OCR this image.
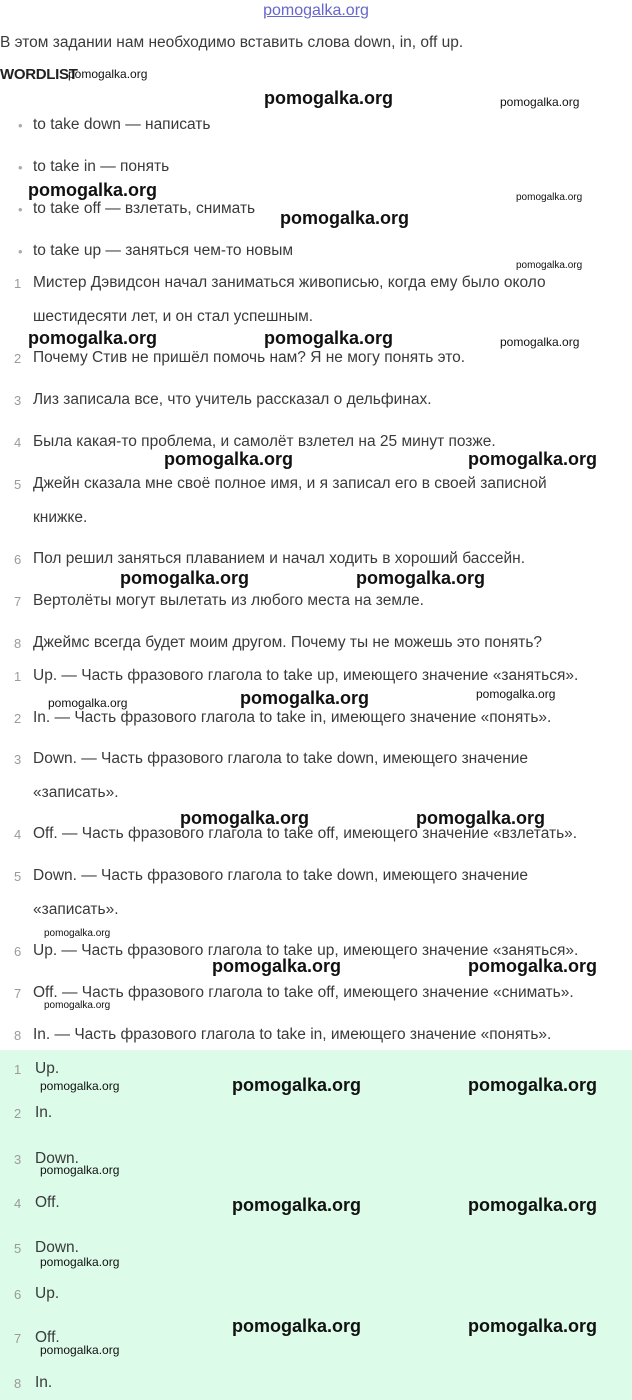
pomogalka.org
В этом задании нам необходимо вставить слова down, in, off up.
WORDLIST
• to take down — написать
• to take in — понять
• to take off — взлетать, снимать
• to take up — заняться чем-то новым
1 Мистер Дэвидсон начал заниматься живописью, когда ему было около
шестидесяти лет, и он стал успешным.
2 Почему Стив не пришёл помочь нам? Я не могу понять это.
3 Лиз записала все, что учитель рассказал о дельфинах.
4 Была какая-то проблема, и самолёт взлетел на 25 минут позже.
5 Джейн сказала мне своё полное имя, и я записал его в своей записной
книжке.
6 Пол решил заняться плаванием и начал ходить в хороший бассейн.
7 Вертолёты могут вылетать из любого места на земле.
8 Джеймс всегда будет моим другом. Почему ты не можешь это понять?
1 Up. — Часть фразового глагола to take up, имеющего значение «заняться».
2 In. — Часть фразового глагола to take in, имеющего значение «понять».
3 Down. — Часть фразового глагола to take down, имеющего значение
«записать».
4 Off. — Часть фразового глагола to take off, имеющего значение «взлетать».
5 Down. — Часть фразового глагола to take down, имеющего значение
«записать».
6 Up. — Часть фразового глагола to take up, имеющего значение «заняться».
7 Off. — Часть фразового глагола to take off, имеющего значение «снимать».
8 In. — Часть фразового глагола to take in, имеющего значение «понять».
1 Up.
2 In.
3 Down.
4 Off.
5 Down.
6 Up.
7 Off.
8 In.
pomogalka.org
pomogalka.org	pomogalka.org
pomogalka.org	pomogalka.org
pomogalka.org
pomogalka.org
pomogalka.org	pomogalka.org	pomogalka.org
pomogalka.org	pomogalka.org
pomogalka.org	pomogalka.org
pomogalka.org	pomogalka.org	pomogalka.org
pomogalka.org	pomogalka.org
pomogalka.org
pomogalka.org	pomogalka.org
pomogalka.org
pomogalka.org	pomogalka.org	pomogalka.org
pomogalka.org
pomogalka.org	pomogalka.org
pomogalka.org
pomogalka.org	pomogalka.org
pomogalka.org
